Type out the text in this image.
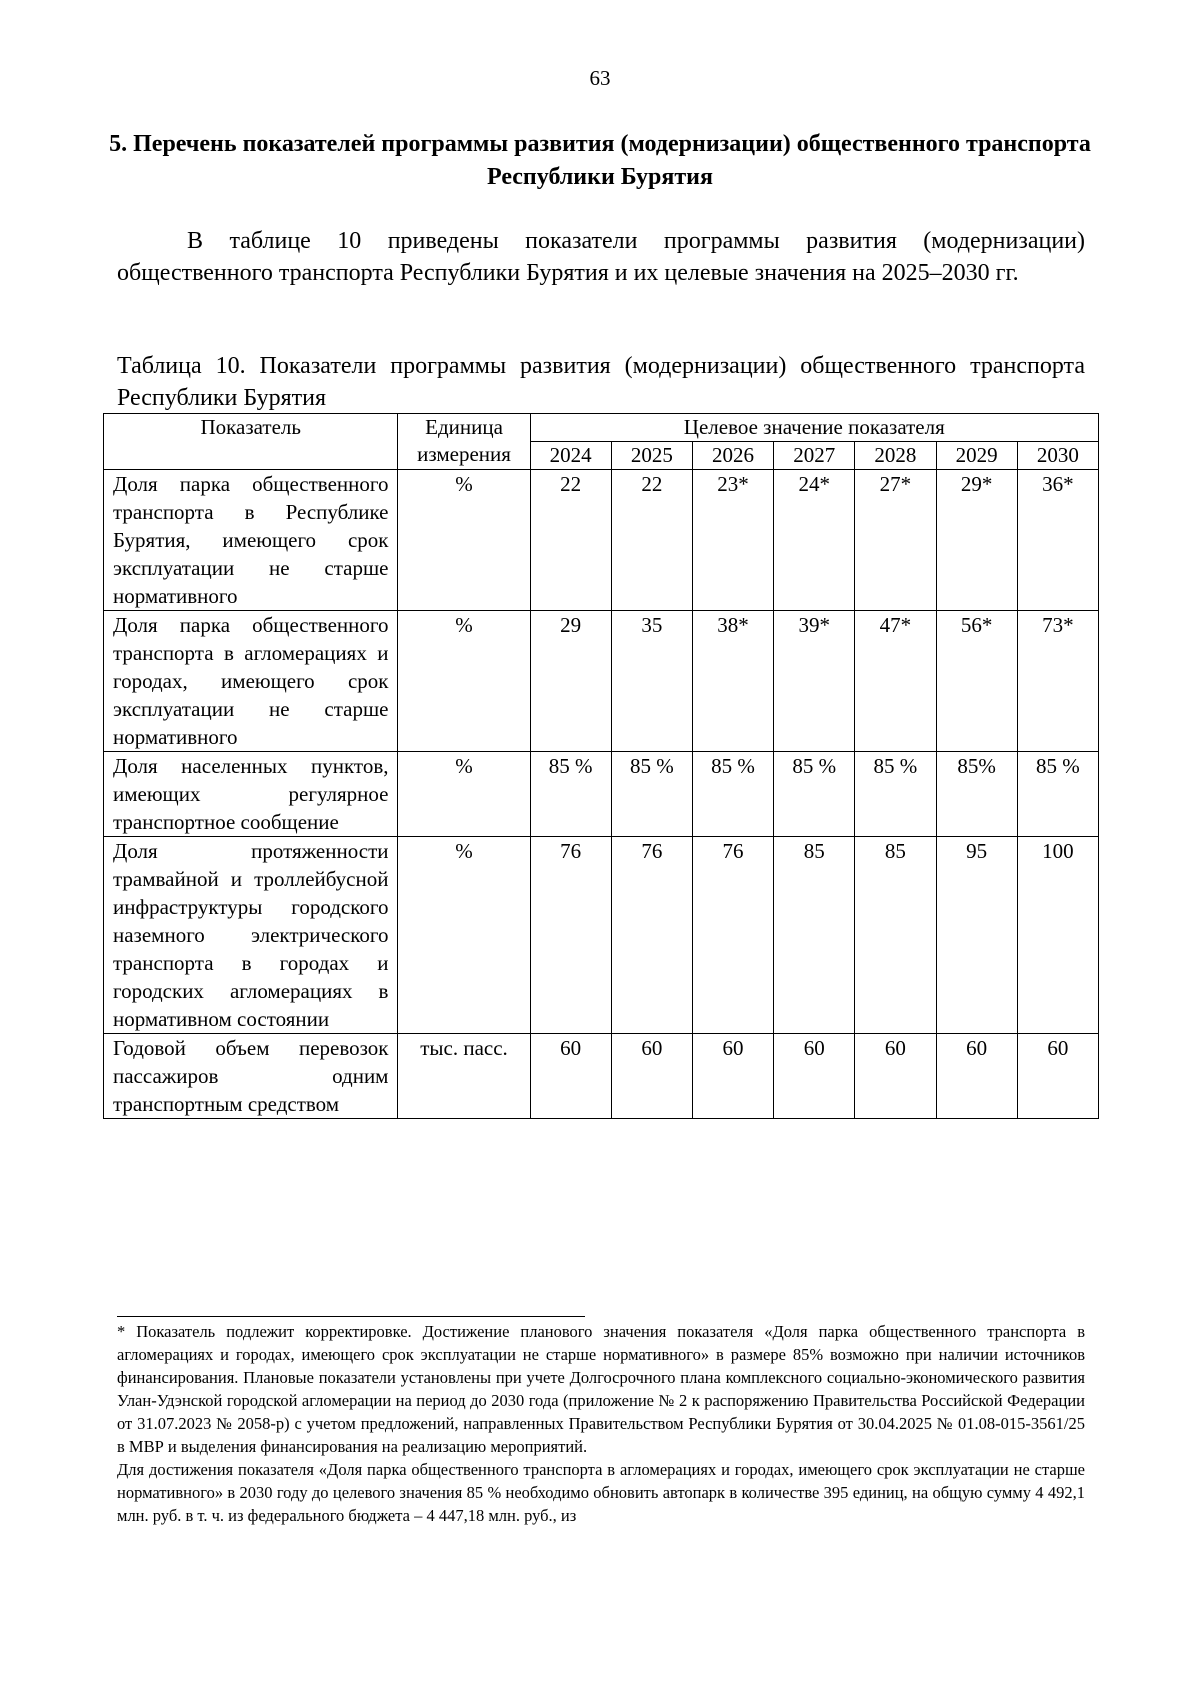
63
5. Перечень показателей программы развития (модернизации) общественного транспорта Республики Бурятия
В таблице 10 приведены показатели программы развития (модернизации) общественного транспорта Республики Бурятия и их целевые значения на 2025–2030 гг.
Таблица 10. Показатели программы развития (модернизации) общественного транспорта Республики Бурятия
Показатель	Единица измерения	Целевое значение показателя						
		2024	2025	2026	2027	2028	2029	2030
Доля парка общественного транспорта в Республике Бурятия, имеющего срок эксплуатации не старше нормативного	%	22	22	23*	24*	27*	29*	36*
Доля парка общественного транспорта в агломерациях и городах, имеющего срок эксплуатации не старше нормативного	%	29	35	38*	39*	47*	56*	73*
Доля населенных пунктов, имеющих регулярное транспортное сообщение	%	85 %	85 %	85 %	85 %	85 %	85%	85 %
Доля протяженности трамвайной и троллейбусной инфраструктуры городского наземного электрического транспорта в городах и городских агломерациях в нормативном состоянии	%	76	76	76	85	85	95	100
Годовой объем перевозок пассажиров одним транспортным средством	тыс. пасс.	60	60	60	60	60	60	60

* Показатель подлежит корректировке. Достижение планового значения показателя «Доля парка общественного транспорта в агломерациях и городах, имеющего срок эксплуатации не старше нормативного» в размере 85% возможно при наличии источников финансирования. Плановые показатели установлены при учете Долгосрочного плана комплексного социально-экономического развития Улан-Удэнской городской агломерации на период до 2030 года (приложение № 2 к распоряжению Правительства Российской Федерации от 31.07.2023 № 2058-р) с учетом предложений, направленных Правительством Республики Бурятия от 30.04.2025 № 01.08-015-3561/25 в МВР и выделения финансирования на реализацию мероприятий.

Для достижения показателя «Доля парка общественного транспорта в агломерациях и городах, имеющего срок эксплуатации не старше нормативного» в 2030 году до целевого значения 85 % необходимо обновить автопарк в количестве 395 единиц, на общую сумму 4 492,1 млн. руб. в т. ч. из федерального бюджета – 4 447,18 млн. руб., из
